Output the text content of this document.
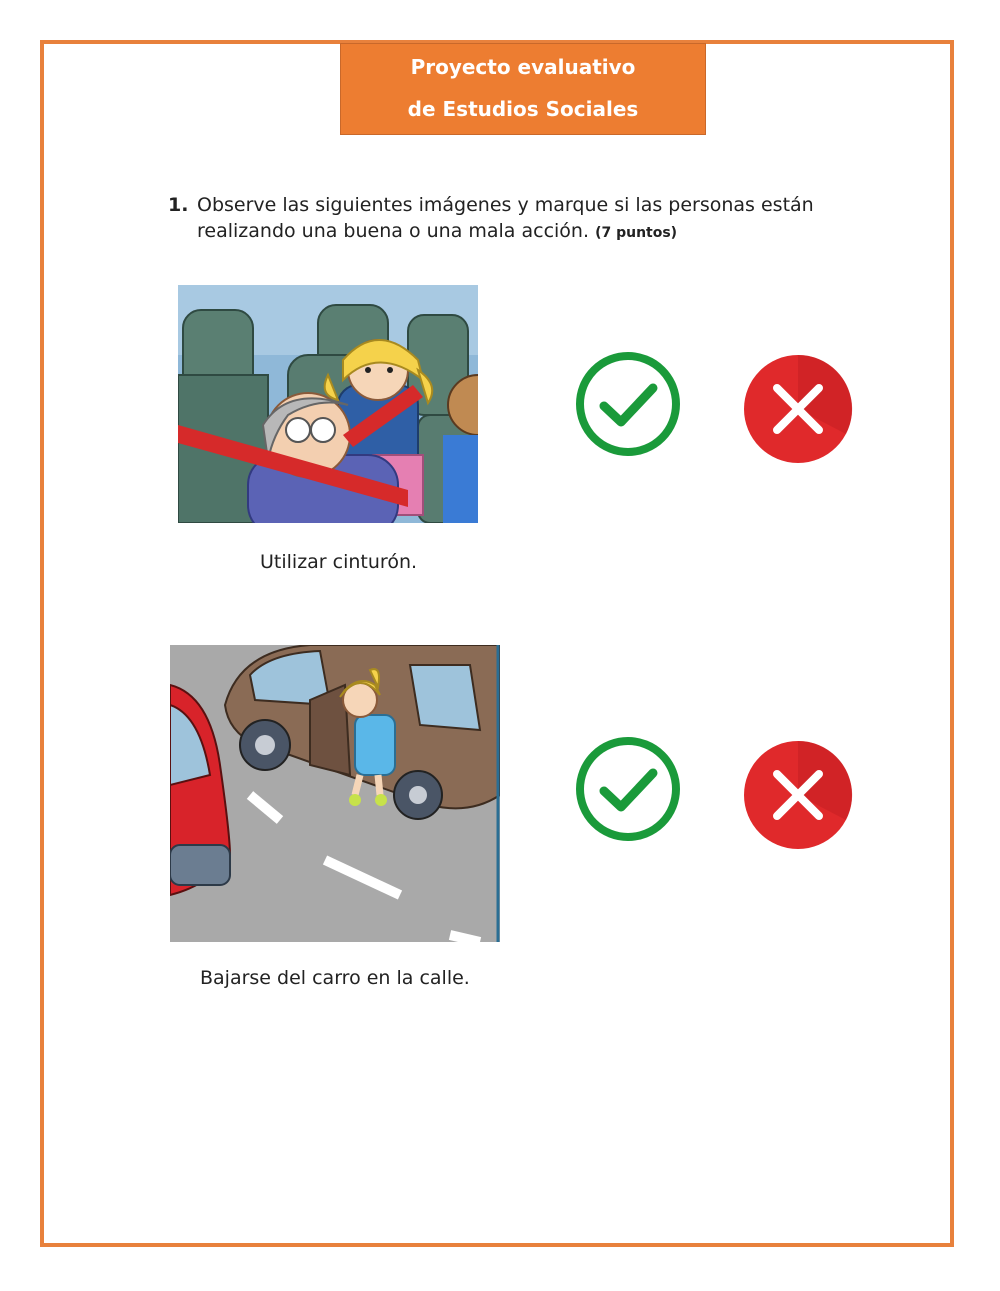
Proyecto evaluativo
de Estudios Sociales
1. Observe las siguientes imágenes y marque si las personas están realizando una buena o una mala acción. (7 puntos)
Utilizar cinturón.
Bajarse del carro en la calle.
